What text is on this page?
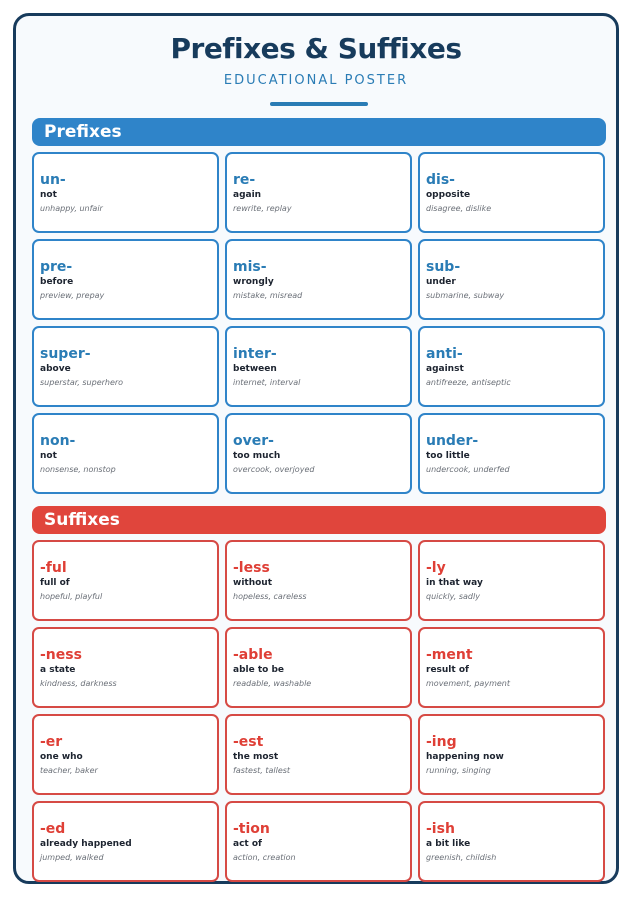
Prefixes & Suffixes
EDUCATIONAL POSTER
Prefixes
un-
not
unhappy, unfair
re-
again
rewrite, replay
dis-
opposite
disagree, dislike
pre-
before
preview, prepay
mis-
wrongly
mistake, misread
sub-
under
submarine, subway
super-
above
superstar, superhero
inter-
between
internet, interval
anti-
against
antifreeze, antiseptic
non-
not
nonsense, nonstop
over-
too much
overcook, overjoyed
under-
too little
undercook, underfed
Suffixes
-ful
full of
hopeful, playful
-less
without
hopeless, careless
-ly
in that way
quickly, sadly
-ness
a state
kindness, darkness
-able
able to be
readable, washable
-ment
result of
movement, payment
-er
one who
teacher, baker
-est
the most
fastest, tallest
-ing
happening now
running, singing
-ed
already happened
jumped, walked
-tion
act of
action, creation
-ish
a bit like
greenish, childish
